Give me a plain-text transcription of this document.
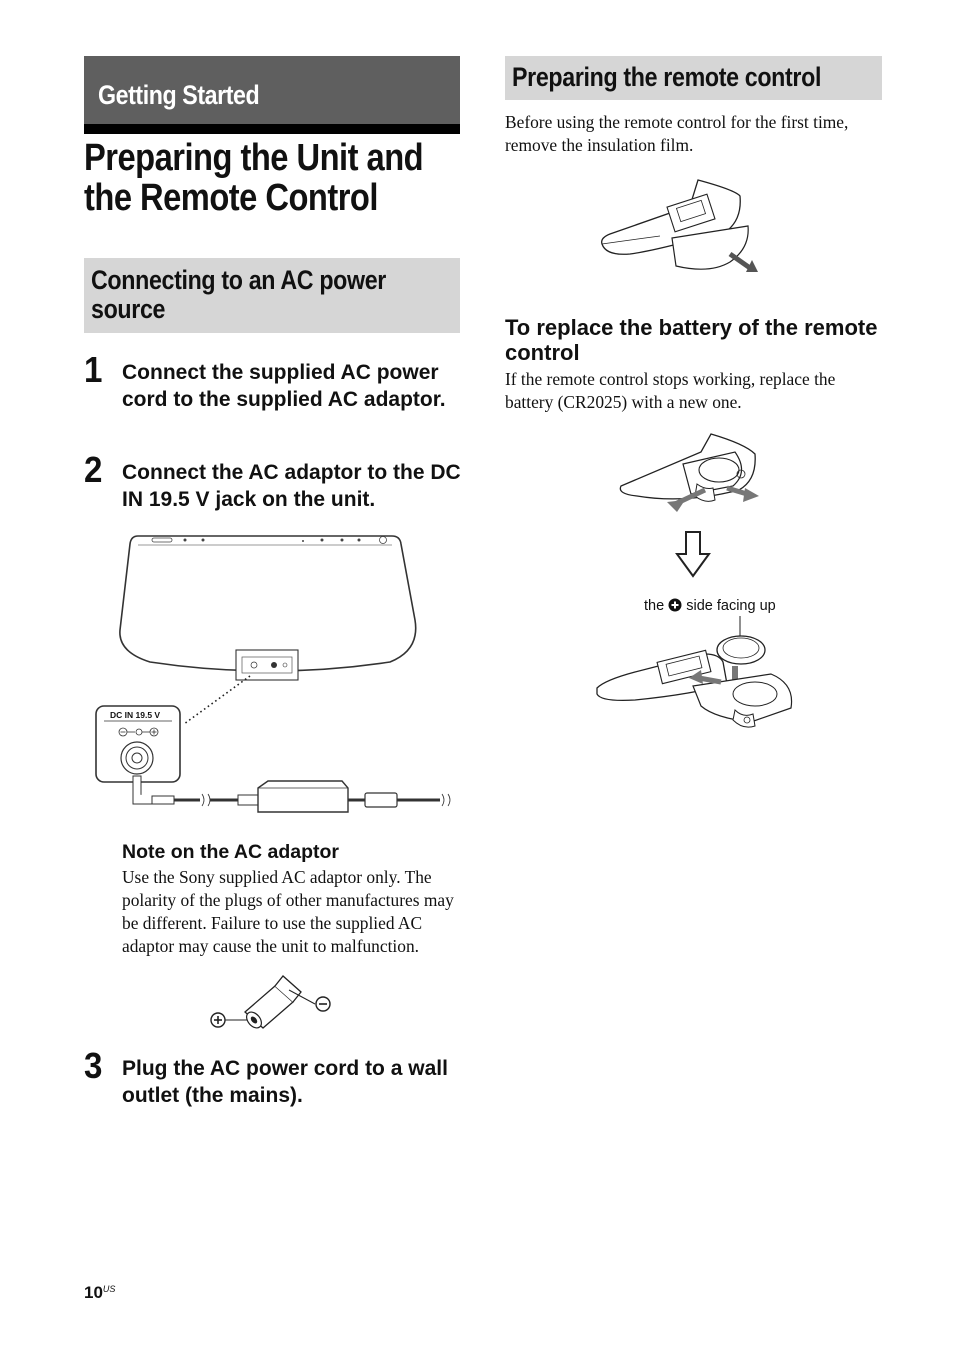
Getting Started
Preparing the Unit and the Remote Control
Connecting to an AC power source
1 Connect the supplied AC power cord to the supplied AC adaptor.
2 Connect the AC adaptor to the DC IN 19.5 V jack on the unit.
DC IN 19.5 V
Note on the AC adaptor
Use the Sony supplied AC adaptor only. The polarity of the plugs of other manufactures may be different. Failure to use the supplied AC adaptor may cause the unit to malfunction.
3 Plug the AC power cord to a wall outlet (the mains).
Preparing the remote control
Before using the remote control for the first time, remove the insulation film.
To replace the battery of the remote control
If the remote control stops working, replace the battery (CR2025) with a new one.
the side facing up
$10^{US}$
